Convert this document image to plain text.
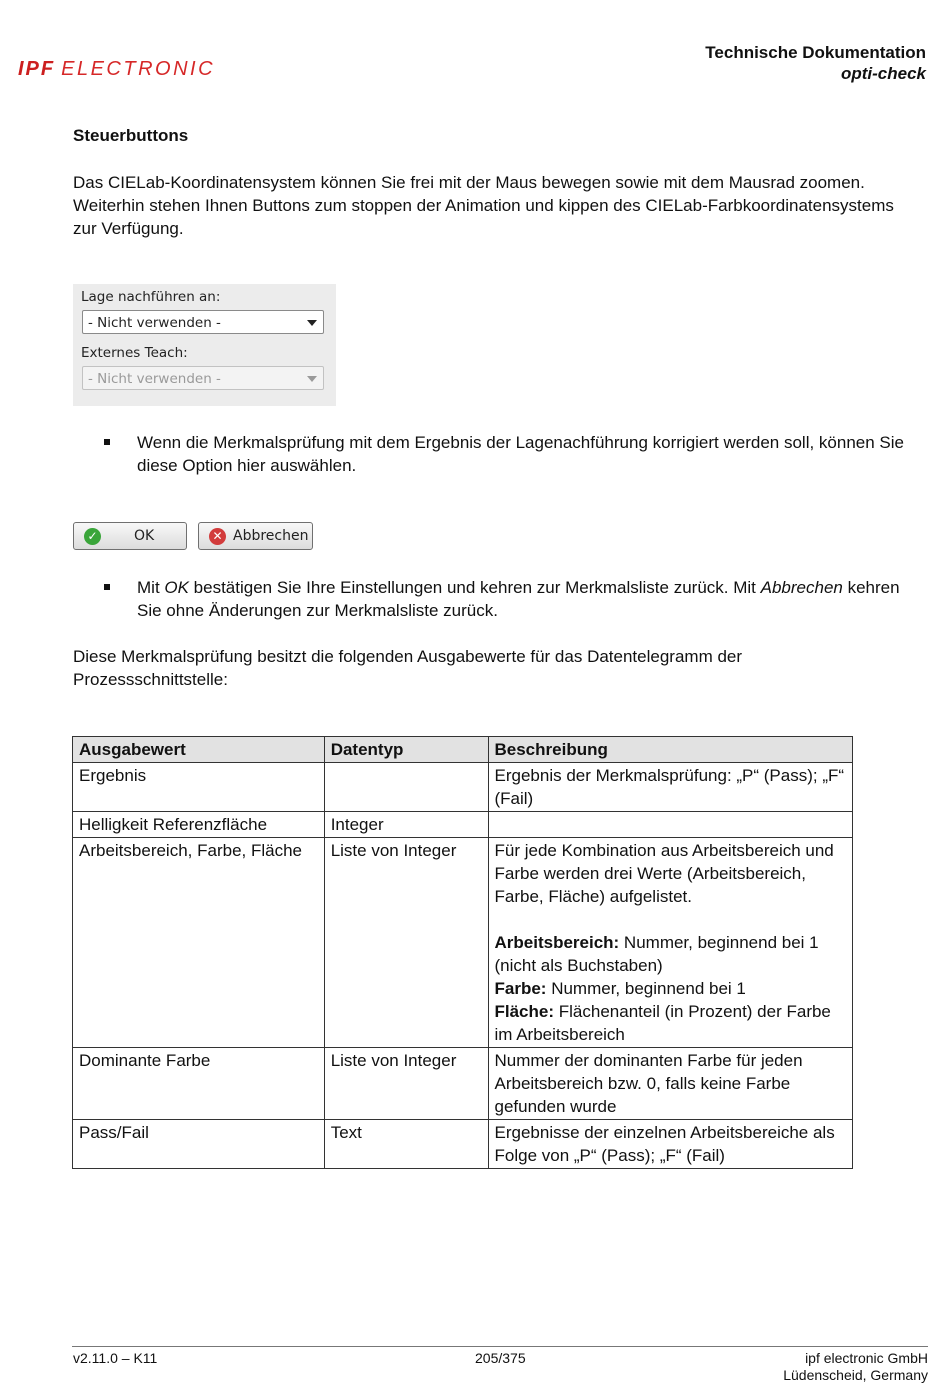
IPF ELECTRONIC
Technische Dokumentation
opti-check
Steuerbuttons

Das CIELab-Koordinatensystem können Sie frei mit der Maus bewegen sowie mit dem Mausrad zoomen. Weiterhin stehen Ihnen Buttons zum stoppen der Animation und kippen des CIELab-Farbkoordinatensystems zur Verfügung.

Lage nachführen an:
- Nicht verwenden -
Externes Teach:
- Nicht verwenden -
Wenn die Merkmalsprüfung mit dem Ergebnis der Lagenachführung korrigiert werden soll, können Sie diese Option hier auswählen.
✓	OK	✕ Abbrechen
Mit OK bestätigen Sie Ihre Einstellungen und kehren zur Merkmalsliste zurück. Mit Abbrechen kehren Sie ohne Änderungen zur Merkmalsliste zurück.

Diese Merkmalsprüfung besitzt die folgenden Ausgabewerte für das Datentelegramm der Prozessschnittstelle:

Ausgabewert	Datentyp	Beschreibung
Ergebnis		Ergebnis der Merkmalsprüfung: „P“ (Pass); „F“ (Fail)
Helligkeit Referenzfläche	Integer	
Arbeitsbereich, Farbe, Fläche	Liste von Integer	Für jede Kombination aus Arbeitsbereich und Farbe werden drei Werte (Arbeitsbereich, Farbe, Fläche) aufgelistet.
Arbeitsbereich: Nummer, beginnend bei 1 (nicht als Buchstaben)
Farbe: Nummer, beginnend bei 1
Fläche: Flächenanteil (in Prozent) der Farbe im Arbeitsbereich
Dominante Farbe	Liste von Integer	Nummer der dominanten Farbe für jeden Arbeitsbereich bzw. 0, falls keine Farbe gefunden wurde
Pass/Fail	Text	Ergebnisse der einzelnen Arbeitsbereiche als Folge von „P“ (Pass); „F“ (Fail)
v2.11.0 – K11	205/375	ipf electronic GmbH
Lüdenscheid, Germany
